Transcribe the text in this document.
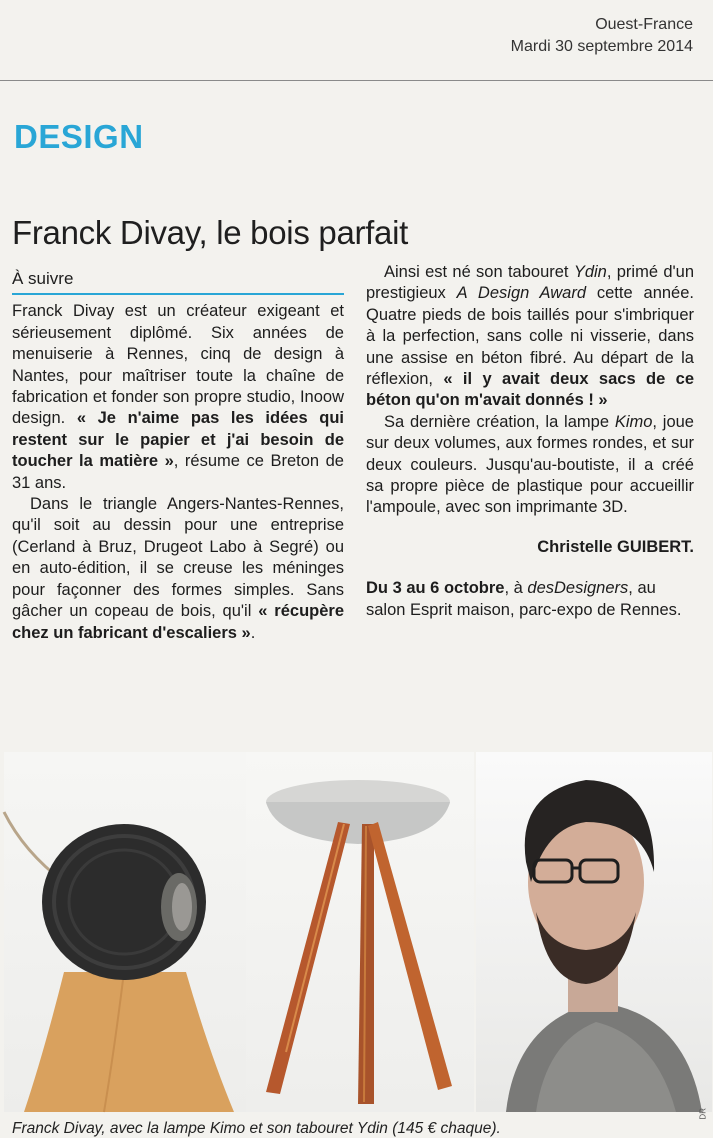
Ouest-France
Mardi 30 septembre 2014
DESIGN
Franck Divay, le bois parfait

À suivre

Franck Divay est un créateur exigeant et sérieusement diplômé. Six années de menuiserie à Rennes, cinq de design à Nantes, pour maîtriser toute la chaîne de fabrication et fonder son propre studio, Inoow design. « Je n'aime pas les idées qui restent sur le papier et j'ai besoin de toucher la matière », résume ce Breton de 31 ans.

Dans le triangle Angers-Nantes-Rennes, qu'il soit au dessin pour une entreprise (Cerland à Bruz, Drugeot Labo à Segré) ou en auto-édition, il se creuse les méninges pour façonner des formes simples. Sans gâcher un copeau de bois, qu'il « récupère chez un fabricant d'escaliers ».

Ainsi est né son tabouret Ydin, primé d'un prestigieux A Design Award cette année. Quatre pieds de bois taillés pour s'imbriquer à la perfection, sans colle ni visserie, dans une assise en béton fibré. Au départ de la réflexion, « il y avait deux sacs de ce béton qu'on m'avait donnés ! »

Sa dernière création, la lampe Kimo, joue sur deux volumes, aux formes rondes, et sur deux couleurs. Jusqu'au-boutiste, il a créé sa propre pièce de plastique pour accueillir l'ampoule, avec son imprimante 3D.

Christelle GUIBERT.

Du 3 au 6 octobre, à desDesigners, au salon Esprit maison, parc-expo de Rennes.

DR
Franck Divay, avec la lampe Kimo et son tabouret Ydin (145 € chaque).
